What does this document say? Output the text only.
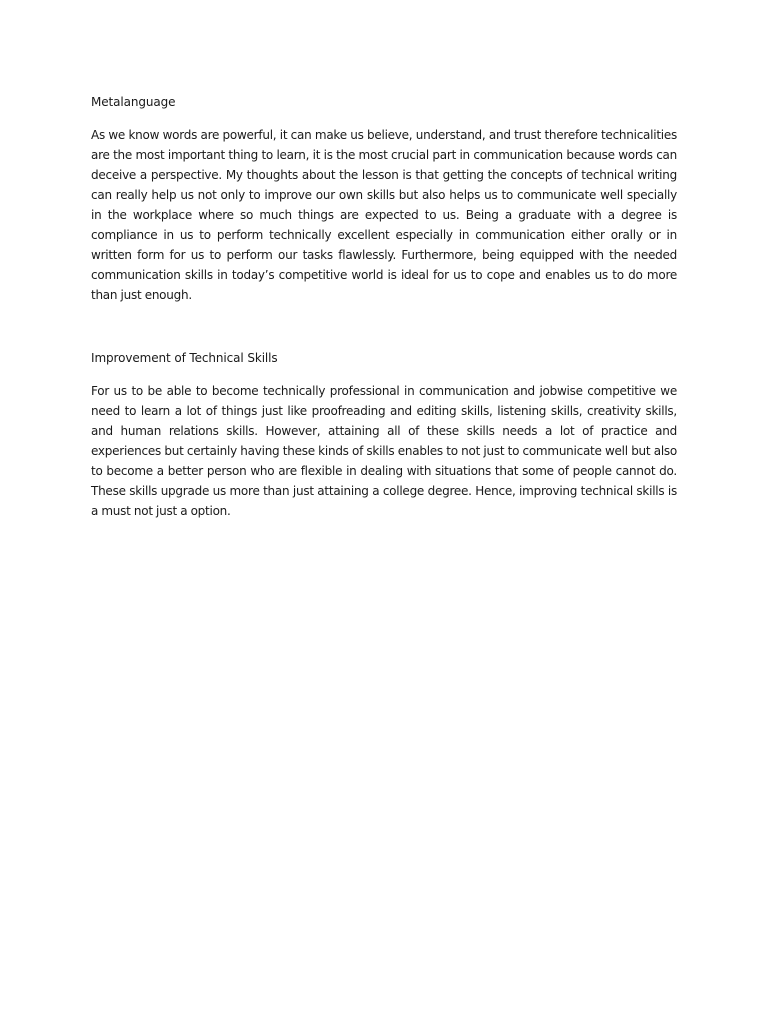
Metalanguage

As we know words are powerful, it can make us believe, understand, and trust therefore technicalities are the most important thing to learn, it is the most crucial part in communication because words can deceive a perspective. My thoughts about the lesson is that getting the concepts of technical writing can really help us not only to improve our own skills but also helps us to communicate well specially in the workplace where so much things are expected to us. Being a graduate with a degree is compliance in us to perform technically excellent especially in communication either orally or in written form for us to perform our tasks flawlessly. Furthermore, being equipped with the needed communication skills in today’s competitive world is ideal for us to cope and enables us to do more than just enough.

Improvement of Technical Skills

For us to be able to become technically professional in communication and jobwise competitive we need to learn a lot of things just like proofreading and editing skills, listening skills, creativity skills, and human relations skills. However, attaining all of these skills needs a lot of practice and experiences but certainly having these kinds of skills enables to not just to communicate well but also to become a better person who are flexible in dealing with situations that some of people cannot do. These skills upgrade us more than just attaining a college degree. Hence, improving technical skills is a must not just a option.
